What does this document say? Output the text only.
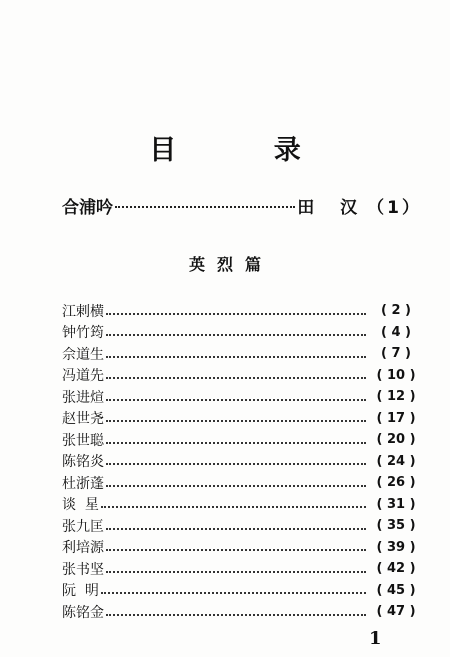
目 录
合浦吟	田 汉 （1）
英烈篇
江剌横	( 2 )
钟竹筠	( 4 )
佘道生	( 7 )
冯道先	( 10 )
张进煊	( 12 )
赵世尧	( 17 )
张世聪	( 20 )
陈铭炎	( 24 )
杜浙蓬	( 26 )
谈  星	( 31 )
张九匡	( 35 )
利培源	( 39 )
张书坚	( 42 )
阮  明	( 45 )
陈铭金	( 47 )
1
